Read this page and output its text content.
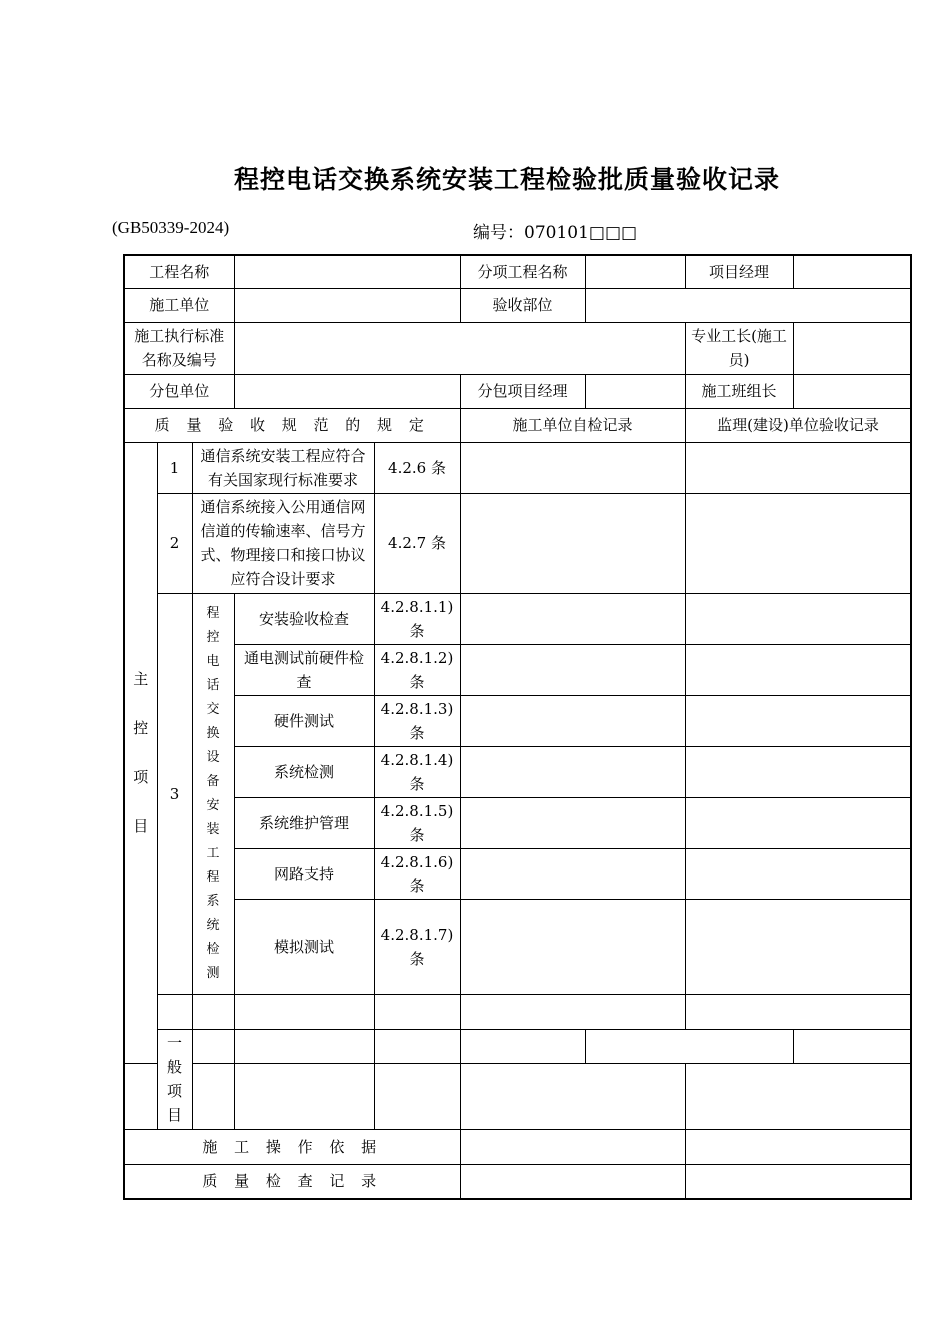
程控电话交换系统安装工程检验批质量验收记录
(GB50339-2024)	编号：070101□□□
工程名称					分项工程名称		项目经理	
施工单位					验收部位			
施工执行标准名称及编号							专业工长(施工员)	
分包单位					分包项目经理		施工班组长	
质 量 验 收 规 范 的 规 定					施工单位自检记录		监理(建设)单位验收记录	
主控项目	1	通信系统安装工程应符合有关国家现行标准要求		4.2.6 条				
	2	通信系统接入公用通信网信道的传输速率、信号方式、物理接口和接口协议应符合设计要求		4.2.7 条				
	3	程控电话交换设备安装工程系统检测	安装验收检查	4.2.8.1.1) 条				
			通电测试前硬件检查	4.2.8.1.2) 条				
			硬件测试	4.2.8.1.3) 条				
			系统检测	4.2.8.1.4) 条				
			系统维护管理	4.2.8.1.5) 条				
			网路支持	4.2.8.1.6) 条				
			模拟测试	4.2.8.1.7) 条				

	一般项目							

施 工 操 作 依 据								
质 量 检 查 记 录								
